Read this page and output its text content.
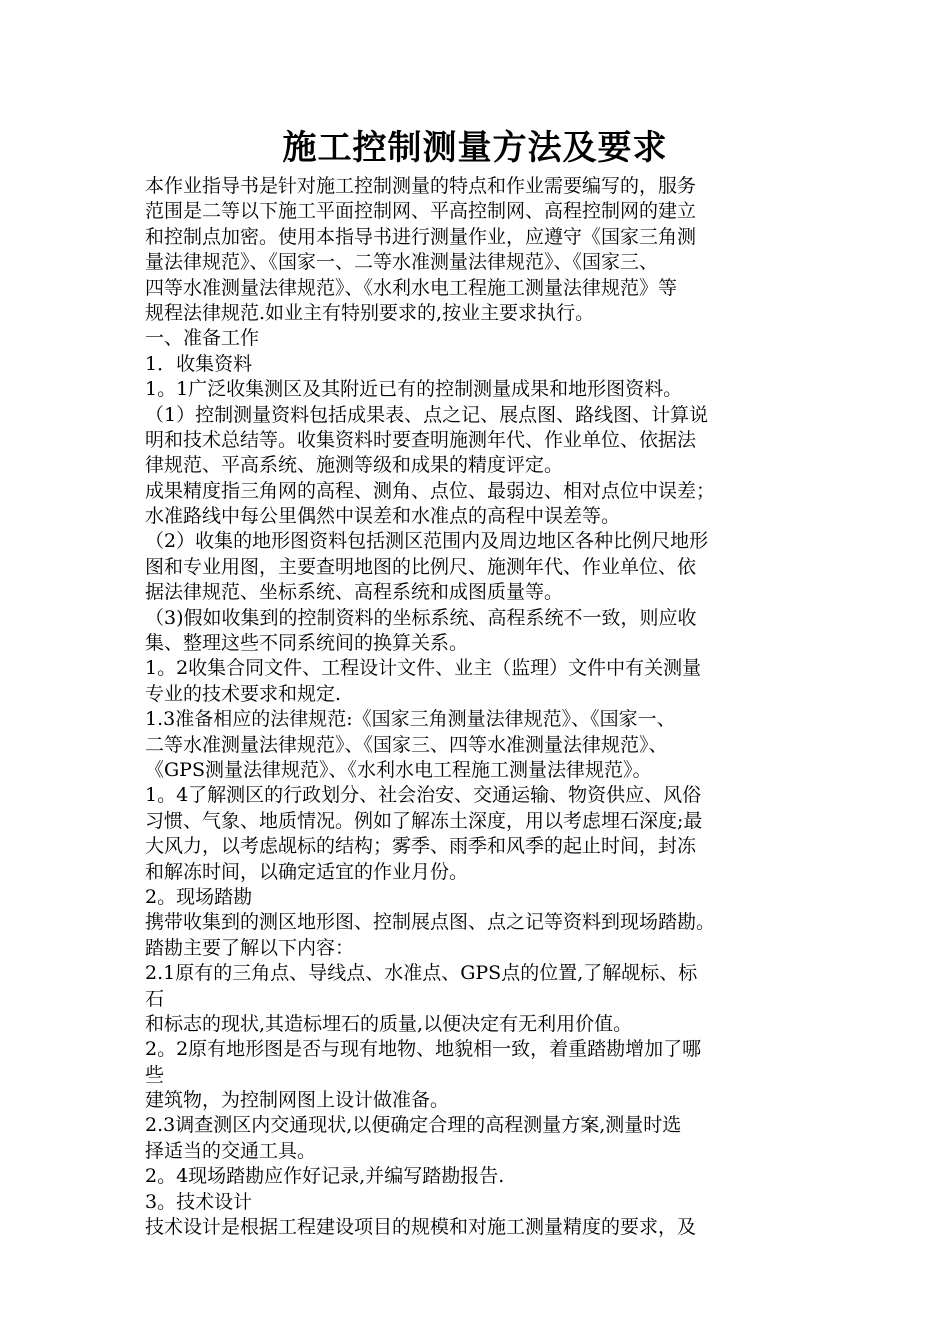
施工控制测量方法及要求
本作业指导书是针对施工控制测量的特点和作业需要编写的，服务
范围是二等以下施工平面控制网、平高控制网、高程控制网的建立
和控制点加密。使用本指导书进行测量作业，应遵守《国家三角测
量法律规范》、《国家一、二等水准测量法律规范》、《国家三、
四等水准测量法律规范》、《水利水电工程施工测量法律规范》等
规程法律规范.如业主有特别要求的,按业主要求执行。
一、准备工作
1．收集资料
1。1广泛收集测区及其附近已有的控制测量成果和地形图资料。
（1）控制测量资料包括成果表、点之记、展点图、路线图、计算说
明和技术总结等。收集资料时要查明施测年代、作业单位、依据法
律规范、平高系统、施测等级和成果的精度评定。
成果精度指三角网的高程、测角、点位、最弱边、相对点位中误差；
水准路线中每公里偶然中误差和水准点的高程中误差等。
（2）收集的地形图资料包括测区范围内及周边地区各种比例尺地形
图和专业用图，主要查明地图的比例尺、施测年代、作业单位、依
据法律规范、坐标系统、高程系统和成图质量等。
（3)假如收集到的控制资料的坐标系统、高程系统不一致，则应收
集、整理这些不同系统间的换算关系。
1。2收集合同文件、工程设计文件、业主（监理）文件中有关测量
专业的技术要求和规定.
1.3准备相应的法律规范:《国家三角测量法律规范》、《国家一、
二等水准测量法律规范》、《国家三、四等水准测量法律规范》、
《GPS测量法律规范》、《水利水电工程施工测量法律规范》。
1。4了解测区的行政划分、社会治安、交通运输、物资供应、风俗
习惯、气象、地质情况。例如了解冻土深度，用以考虑埋石深度;最
大风力，以考虑觇标的结构；雾季、雨季和风季的起止时间，封冻
和解冻时间，以确定适宜的作业月份。
2。现场踏勘
携带收集到的测区地形图、控制展点图、点之记等资料到现场踏勘。
踏勘主要了解以下内容：
2.1原有的三角点、导线点、水准点、GPS点的位置,了解觇标、标
石
和标志的现状,其造标埋石的质量,以便决定有无利用价值。
2。2原有地形图是否与现有地物、地貌相一致，着重踏勘增加了哪
些
建筑物，为控制网图上设计做准备。
2.3调查测区内交通现状,以便确定合理的高程测量方案,测量时选
择适当的交通工具。
2。4现场踏勘应作好记录,并编写踏勘报告.
3。技术设计
技术设计是根据工程建设项目的规模和对施工测量精度的要求，及
